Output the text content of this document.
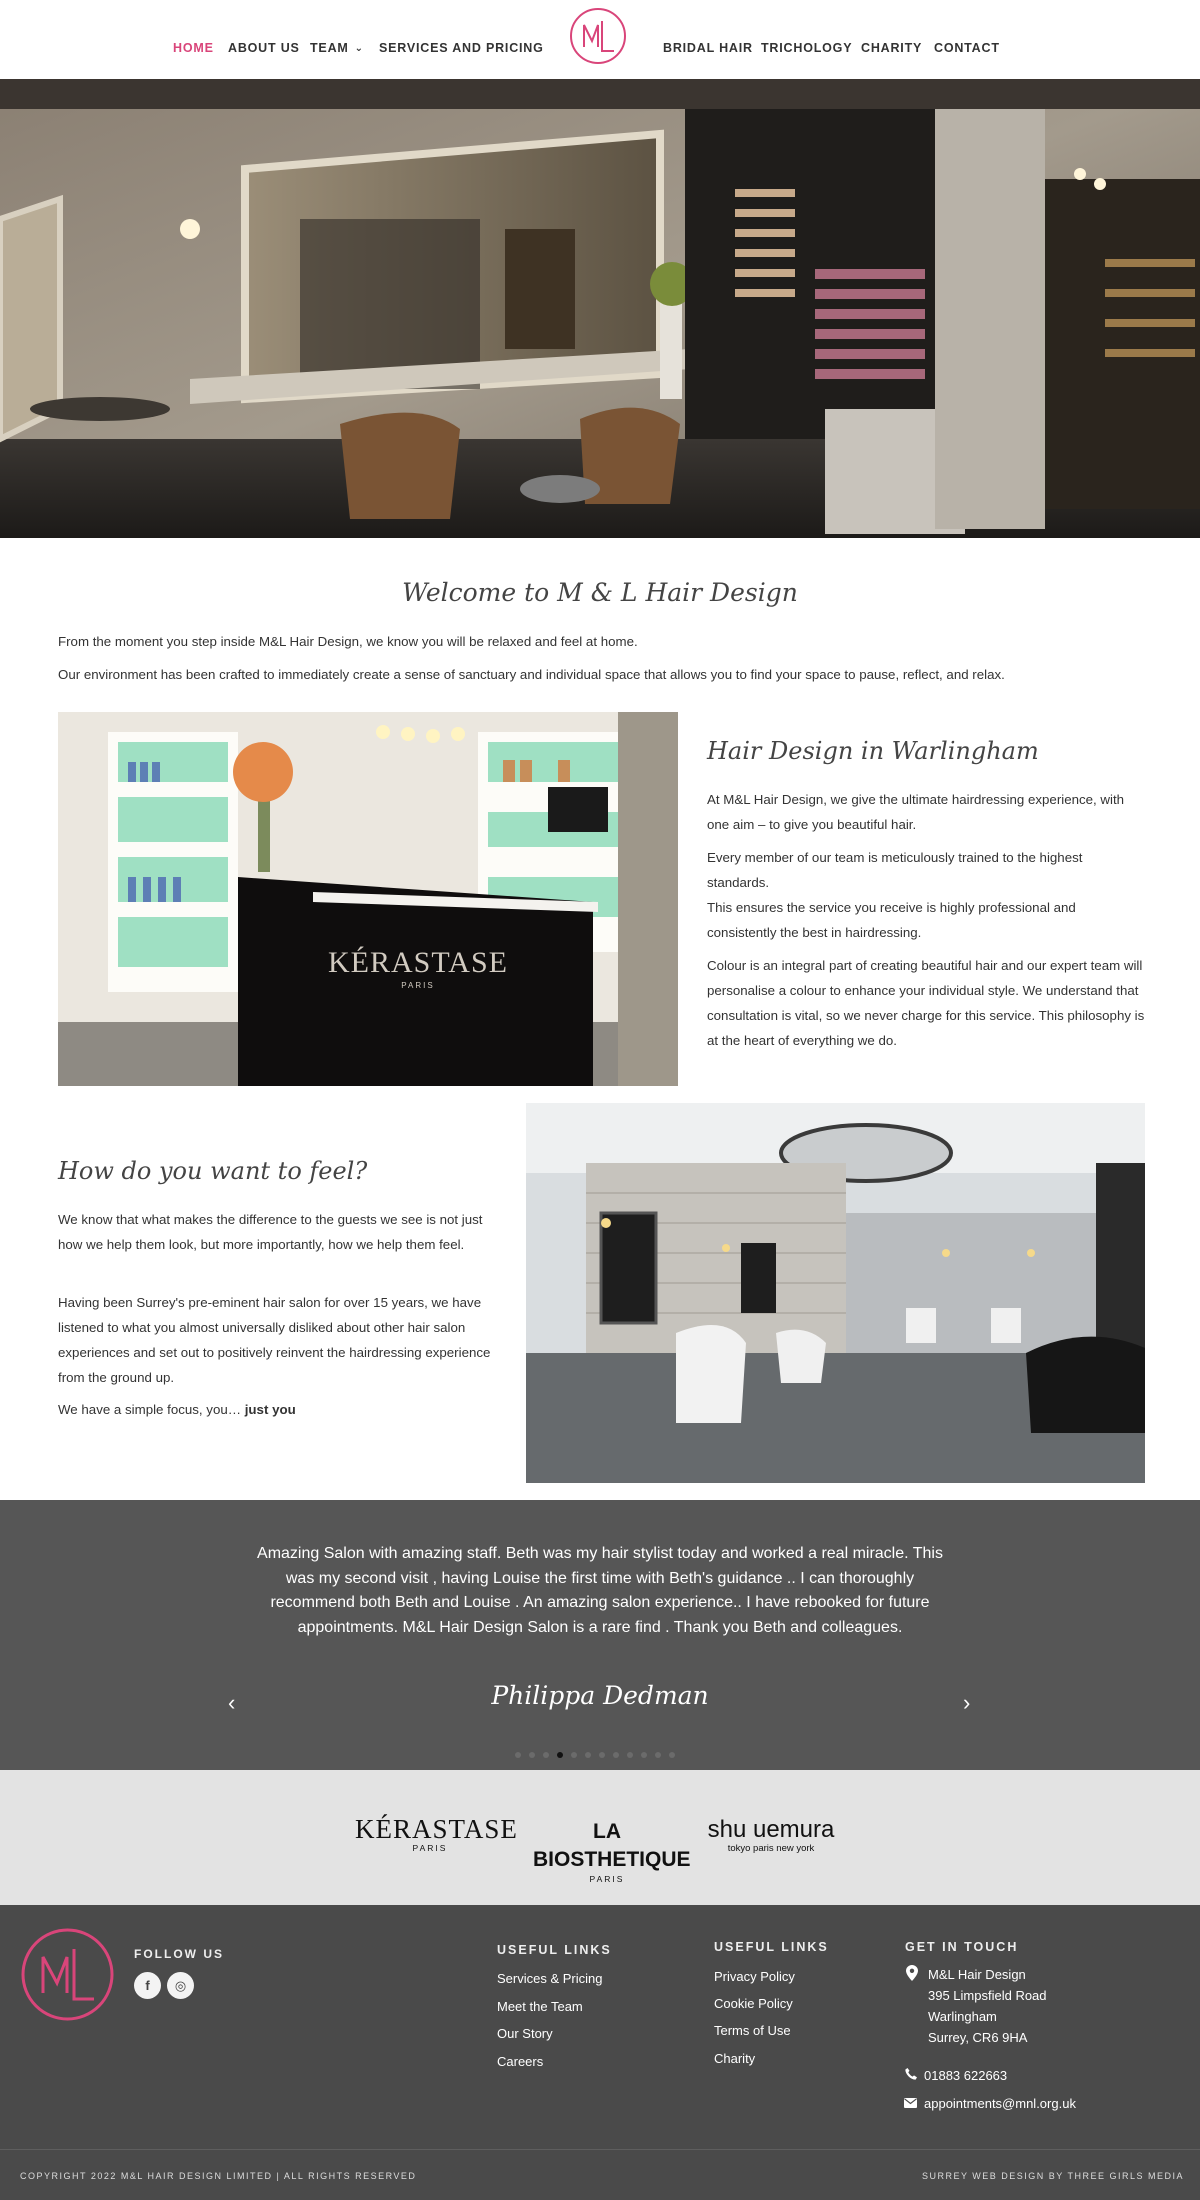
HOME ABOUT US TEAM ⌄ SERVICES AND PRICING	BRIDAL HAIR TRICHOLOGY CHARITY CONTACT
Welcome to M & L Hair Design

From the moment you step inside M&L Hair Design, we know you will be relaxed and feel at home.

Our environment has been crafted to immediately create a sense of sanctuary and individual space that allows you to find your space to pause, reflect, and relax.

KÉRASTASE
PARIS
Hair Design in Warlingham

At M&L Hair Design, we give the ultimate hairdressing experience, with one aim – to give you beautiful hair.

Every member of our team is meticulously trained to the highest standards.

This ensures the service you receive is highly professional and consistently the best in hairdressing.

Colour is an integral part of creating beautiful hair and our expert team will personalise a colour to enhance your individual style. We understand that consultation is vital, so we never charge for this service. This philosophy is at the heart of everything we do.

How do you want to feel?

We know that what makes the difference to the guests we see is not just how we help them look, but more importantly, how we help them feel.

Having been Surrey's pre-eminent hair salon for over 15 years, we have listened to what you almost universally disliked about other hair salon experiences and set out to positively reinvent the hairdressing experience from the ground up.

We have a simple focus, you… just you

Amazing Salon with amazing staff. Beth was my hair stylist today and worked a real miracle. This was my second visit , having Louise the first time with Beth's guidance .. I can thoroughly recommend both Beth and Louise . An amazing salon experience.. I have rebooked for future appointments. M&L Hair Design Salon is a rare find . Thank you Beth and colleagues.

‹	Philippa Dedman	›
KÉRASTASE
PARIS
LA BIOSTHETIQUE
PARIS
shu uemura
tokyo paris new york
FOLLOW US
f	◎
USEFUL LINKS
Services & Pricing
Meet the Team
Our Story
Careers
USEFUL LINKS
Privacy Policy
Cookie Policy
Terms of Use
Charity
GET IN TOUCH
M&L Hair Design
395 Limpsfield Road
Warlingham
Surrey, CR6 9HA
01883 622663
appointments@mnl.org.uk
COPYRIGHT 2022 M&L HAIR DESIGN LIMITED | ALL RIGHTS RESERVED	SURREY WEB DESIGN BY THREE GIRLS MEDIA
